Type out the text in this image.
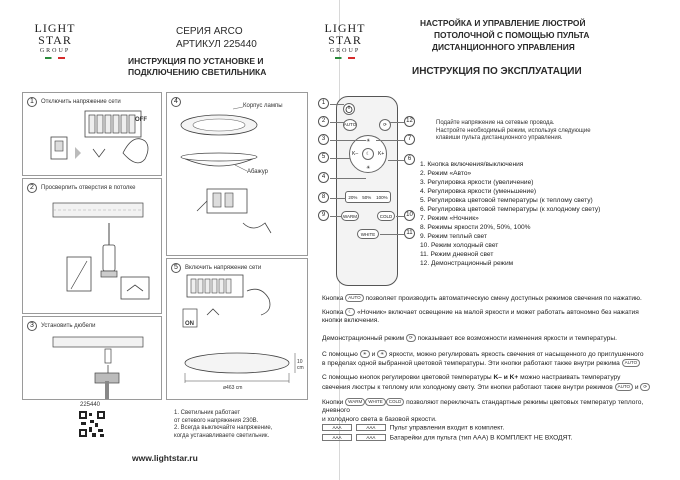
LIGHT
STAR
GROUP
СЕРИЯ ARCO
АРТИКУЛ 225440
ИНСТРУКЦИЯ ПО УСТАНОВКЕ И
ПОДКЛЮЧЕНИЮ СВЕТИЛЬНИКА
1	Отключить напряжение сети
OFF
2	Просверлить отверстия в потолке
3	Установить дюбели
4
Корпус лампы
Абажур
5	Включить напряжение сети
ON
ø463 cm
10 cm
225440
1. Светильник работает
от сетевого напряжения 230В.
2. Всегда выключайте напряжение,
когда устанавливаете светильник.
www.lightstar.ru
LIGHT
STAR
GROUP
НАСТРОЙКА И УПРАВЛЕНИЕ ЛЮСТРОЙ
ПОТОЛОЧНОЙ С ПОМОЩЬЮ ПУЛЬТА
ДИСТАНЦИОННОГО УПРАВЛЕНИЯ
ИНСТРУКЦИЯ ПО ЭКСПЛУАТАЦИИ
Подайте напряжение на сетевые провода.
Настройте необходимый режим, используя следующие
клавиши пульта дистанционного управления.
AUTO	⟳
☀
☀
K–	K+
☾
20% 50% 100%
WARM	COLD
WHITE
1
2
3
5
4
8
9
12
7
6
10
11
1. Кнопка включения/выключения
2. Режим «Авто»
3. Регулировка яркости (увеличение)
4. Регулировка яркости (уменьшение)
5. Регулировка цветовой температуры (к теплому свету)
6. Регулировка цветовой температуры (к холодному свету)
7. Режим «Ночник»
8. Режимы яркости 20%, 50%, 100%
9. Режим теплый свет
10. Режим холодный свет
11. Режим дневной свет
12. Демонстрационный режим
Кнопка AUTO позволяет производить автоматическую смену доступных режимов свечения по нажатию.
Кнопка ☾ «Ночник» включает освещение на малой яркости и может работать автономно без нажатия
кнопки включения.
Демонстрационный режим ⟳ показывает все возможности изменения яркости и температуры.
С помощью ☀ и ☀ яркости, можно регулировать яркость свечения от насыщенного до приглушенного
в пределах одной выбранной цветовой температуры. Эти кнопки работают также внутри режима AUTO
С помощью кнопок регулировки цветовой температуры K– и K+ можно настраивать температуру
свечения люстры к теплому или холодному свету. Эти кнопки работают также внутри режимов AUTO и ⟳
Кнопки WARM WHITE COLD позволяют переключать стандартные режимы цветовых температур теплого, дневного
и холодного света в базовой яркости.
AAA	AAA Пульт управления входит в комплект.
AAA	AAA Батарейки для пульта (тип AAA) В КОМПЛЕКТ НЕ ВХОДЯТ.
